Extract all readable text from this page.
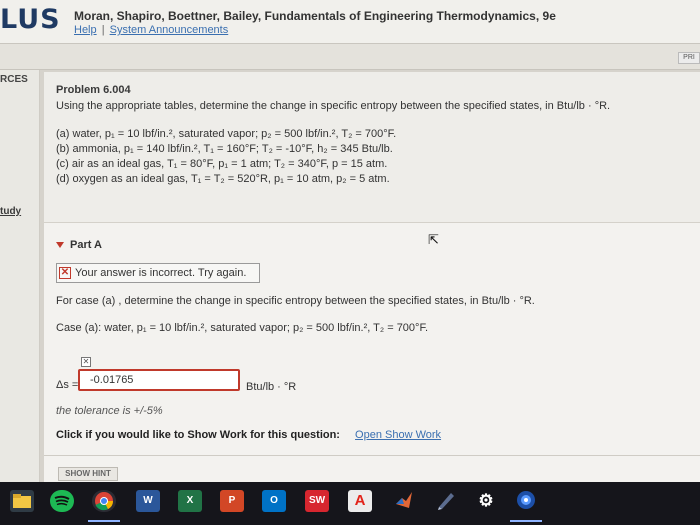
LUS Moran, Shapiro, Boettner, Bailey, Fundamentals of Engineering Thermodynamics, 9e
Help | System Announcements
PRI
RCES
tudy
Problem 6.004
Using the appropriate tables, determine the change in specific entropy between the specified states, in Btu/lb · °R.
(a) water, p₁ = 10 lbf/in.², saturated vapor; p₂ = 500 lbf/in.², T₂ = 700°F.
(b) ammonia, p₁ = 140 lbf/in.², T₁ = 160°F; T₂ = -10°F, h₂ = 345 Btu/lb.
(c) air as an ideal gas, T₁ = 80°F, p₁ = 1 atm; T₂ = 340°F, p = 15 atm.
(d) oxygen as an ideal gas, T₁ = T₂ = 520°R, p₁ = 10 atm, p₂ = 5 atm.
Part A
✕ Your answer is incorrect. Try again.
For case (a) , determine the change in specific entropy between the specified states, in Btu/lb · °R.
Case (a): water, p₁ = 10 lbf/in.², saturated vapor; p₂ = 500 lbf/in.², T₂ = 700°F.
Δs =
✕
-0.01765
Btu/lb · °R
the tolerance is +/-5%
Click if you would like to Show Work for this question: Open Show Work
SHOW HINT
⇱
W	X	P	O	SW	A	⚙
